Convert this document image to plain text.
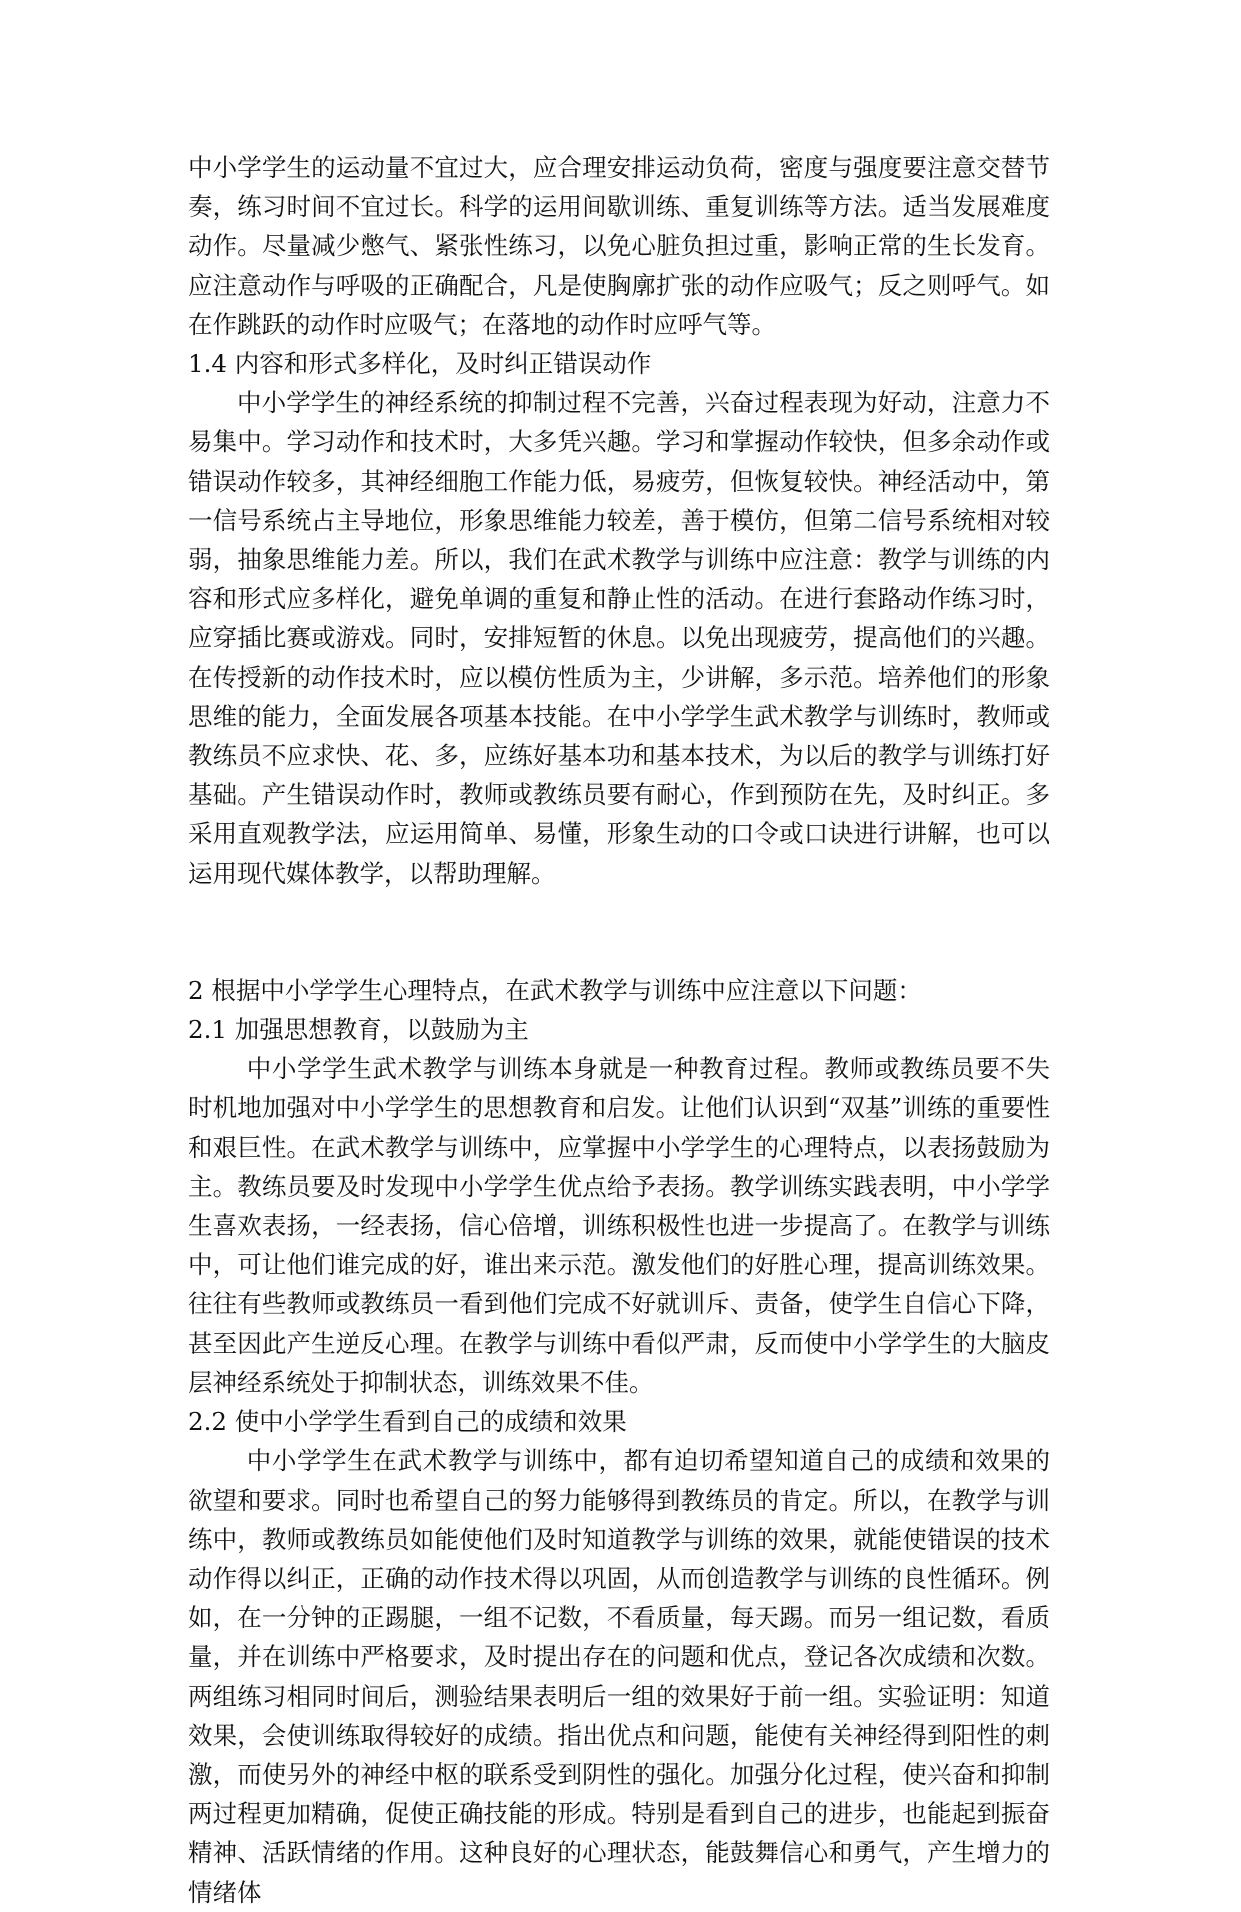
中小学学生的运动量不宜过大，应合理安排运动负荷，密度与强度要注意交替节奏，练习时间不宜过长。科学的运用间歇训练、重复训练等方法。适当发展难度动作。尽量减少憋气、紧张性练习，以免心脏负担过重，影响正常的生长发育。应注意动作与呼吸的正确配合，凡是使胸廓扩张的动作应吸气；反之则呼气。如在作跳跃的动作时应吸气；在落地的动作时应呼气等。

1.4 内容和形式多样化，及时纠正错误动作

中小学学生的神经系统的抑制过程不完善，兴奋过程表现为好动，注意力不易集中。学习动作和技术时，大多凭兴趣。学习和掌握动作较快，但多余动作或错误动作较多，其神经细胞工作能力低，易疲劳，但恢复较快。神经活动中，第一信号系统占主导地位，形象思维能力较差，善于模仿，但第二信号系统相对较弱，抽象思维能力差。所以，我们在武术教学与训练中应注意：教学与训练的内容和形式应多样化，避免单调的重复和静止性的活动。在进行套路动作练习时，应穿插比赛或游戏。同时，安排短暂的休息。以免出现疲劳，提高他们的兴趣。在传授新的动作技术时，应以模仿性质为主，少讲解，多示范。培养他们的形象思维的能力，全面发展各项基本技能。在中小学学生武术教学与训练时，教师或教练员不应求快、花、多，应练好基本功和基本技术，为以后的教学与训练打好基础。产生错误动作时，教师或教练员要有耐心，作到预防在先，及时纠正。多采用直观教学法，应运用简单、易懂，形象生动的口令或口诀进行讲解，也可以运用现代媒体教学，以帮助理解。

2 根据中小学学生心理特点，在武术教学与训练中应注意以下问题：

2.1 加强思想教育，以鼓励为主

中小学学生武术教学与训练本身就是一种教育过程。教师或教练员要不失时机地加强对中小学学生的思想教育和启发。让他们认识到“双基”训练的重要性和艰巨性。在武术教学与训练中，应掌握中小学学生的心理特点，以表扬鼓励为主。教练员要及时发现中小学学生优点给予表扬。教学训练实践表明，中小学学生喜欢表扬，一经表扬，信心倍增，训练积极性也进一步提高了。在教学与训练中，可让他们谁完成的好，谁出来示范。激发他们的好胜心理，提高训练效果。往往有些教师或教练员一看到他们完成不好就训斥、责备，使学生自信心下降，甚至因此产生逆反心理。在教学与训练中看似严肃，反而使中小学学生的大脑皮层神经系统处于抑制状态，训练效果不佳。

2.2 使中小学学生看到自己的成绩和效果

中小学学生在武术教学与训练中，都有迫切希望知道自己的成绩和效果的欲望和要求。同时也希望自己的努力能够得到教练员的肯定。所以，在教学与训练中，教师或教练员如能使他们及时知道教学与训练的效果，就能使错误的技术动作得以纠正，正确的动作技术得以巩固，从而创造教学与训练的良性循环。例如，在一分钟的正踢腿，一组不记数，不看质量，每天踢。而另一组记数，看质量，并在训练中严格要求，及时提出存在的问题和优点，登记各次成绩和次数。两组练习相同时间后，测验结果表明后一组的效果好于前一组。实验证明：知道效果，会使训练取得较好的成绩。指出优点和问题，能使有关神经得到阳性的刺激，而使另外的神经中枢的联系受到阴性的强化。加强分化过程，使兴奋和抑制两过程更加精确，促使正确技能的形成。特别是看到自己的进步，也能起到振奋精神、活跃情绪的作用。这种良好的心理状态，能鼓舞信心和勇气，产生增力的情绪体
